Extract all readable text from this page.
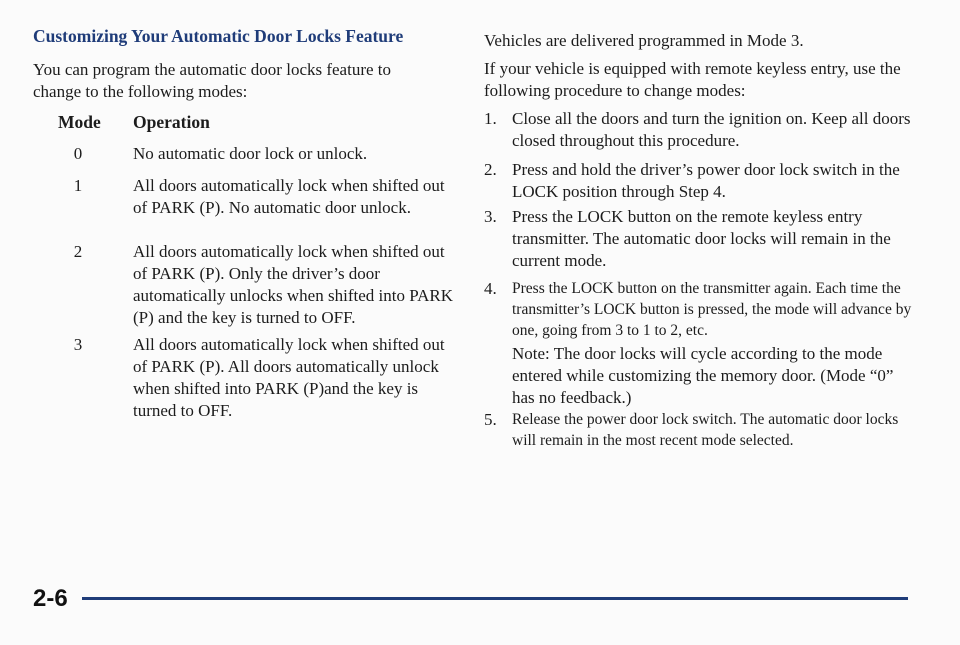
Customizing Your Automatic Door Locks Feature
You can program the automatic door locks feature to change to the following modes:
Mode Operation
0	No automatic door lock or unlock.
1	All doors automatically lock when shifted out of PARK (P). No automatic door unlock.
2	All doors automatically lock when shifted out of PARK (P). Only the driver’s door automatically unlocks when shifted into PARK (P) and the key is turned to OFF.
3	All doors automatically lock when shifted out of PARK (P). All doors automatically unlock when shifted into PARK (P)and the key is turned to OFF.
Vehicles are delivered programmed in Mode 3.
If your vehicle is equipped with remote keyless entry, use the following procedure to change modes:
1. Close all the doors and turn the ignition on. Keep all doors closed throughout this procedure.
2. Press and hold the driver’s power door lock switch in the LOCK position through Step 4.
3. Press the LOCK button on the remote keyless entry transmitter. The automatic door locks will remain in the current mode.
4. Press the LOCK button on the transmitter again. Each time the transmitter’s LOCK button is pressed, the mode will advance by one, going from 3 to 1 to 2, etc.
Note: The door locks will cycle according to the mode entered while customizing the memory door. (Mode “0” has no feedback.)
5. Release the power door lock switch. The automatic door locks will remain in the most recent mode selected.
2-6
